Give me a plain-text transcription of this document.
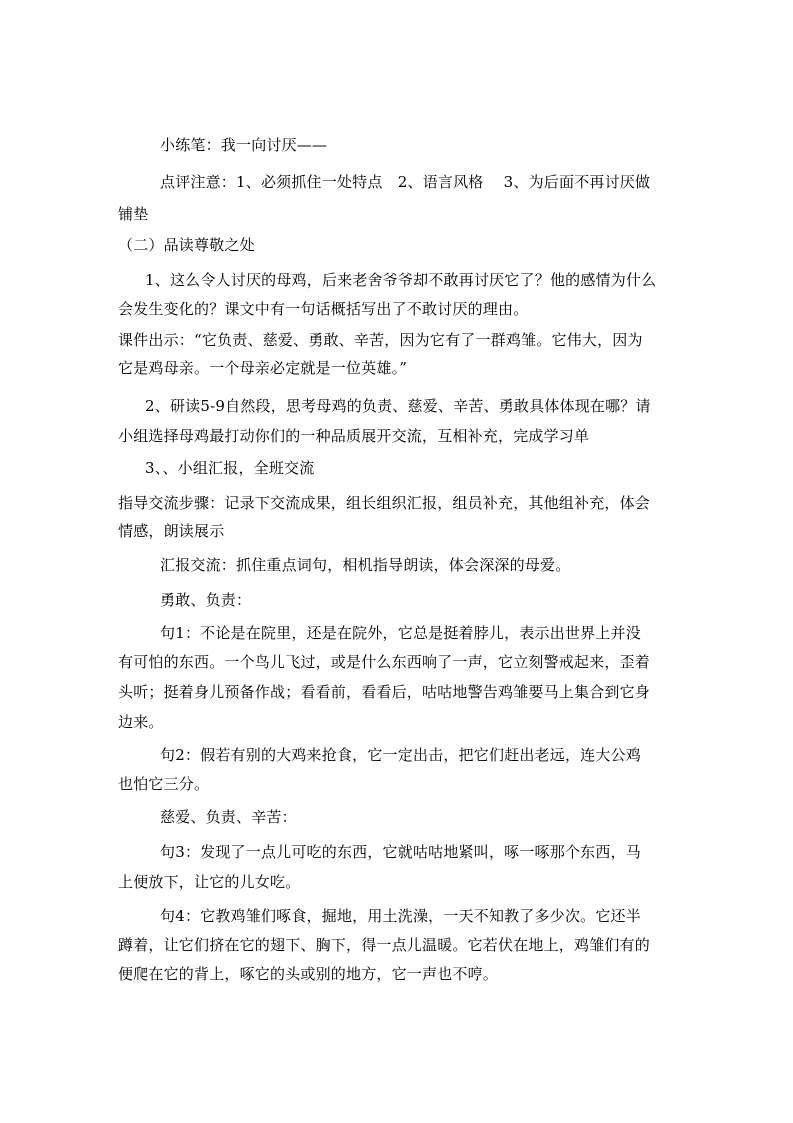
小练笔：我一向讨厌——
点评注意：1、必须抓住一处特点　2、语言风格　 3、为后面不再讨厌做
铺垫
（二）品读尊敬之处
1、这么令人讨厌的母鸡，后来老舍爷爷却不敢再讨厌它了？他的感情为什么
会发生变化的？课文中有一句话概括写出了不敢讨厌的理由。
课件出示：“它负责、慈爱、勇敢、辛苦，因为它有了一群鸡雏。它伟大，因为
它是鸡母亲。一个母亲必定就是一位英雄。”
2、研读5-9自然段，思考母鸡的负责、慈爱、辛苦、勇敢具体体现在哪？请
小组选择母鸡最打动你们的一种品质展开交流，互相补充，完成学习单
3、、小组汇报，全班交流
指导交流步骤：记录下交流成果，组长组织汇报，组员补充，其他组补充，体会
情感，朗读展示
汇报交流：抓住重点词句，相机指导朗读，体会深深的母爱。
勇敢、负责：
句1：不论是在院里，还是在院外，它总是挺着脖儿，表示出世界上并没
有可怕的东西。一个鸟儿飞过，或是什么东西响了一声，它立刻警戒起来，歪着
头听；挺着身儿预备作战；看看前，看看后，咕咕地警告鸡雏要马上集合到它身
边来。
句2：假若有别的大鸡来抢食，它一定出击，把它们赶出老远，连大公鸡
也怕它三分。
慈爱、负责、辛苦：
句3：发现了一点儿可吃的东西，它就咕咕地紧叫，啄一啄那个东西，马
上便放下，让它的儿女吃。
句4：它教鸡雏们啄食，掘地，用土洗澡，一天不知教了多少次。它还半
蹲着，让它们挤在它的翅下、胸下，得一点儿温暖。它若伏在地上，鸡雏们有的
便爬在它的背上，啄它的头或别的地方，它一声也不哼。
